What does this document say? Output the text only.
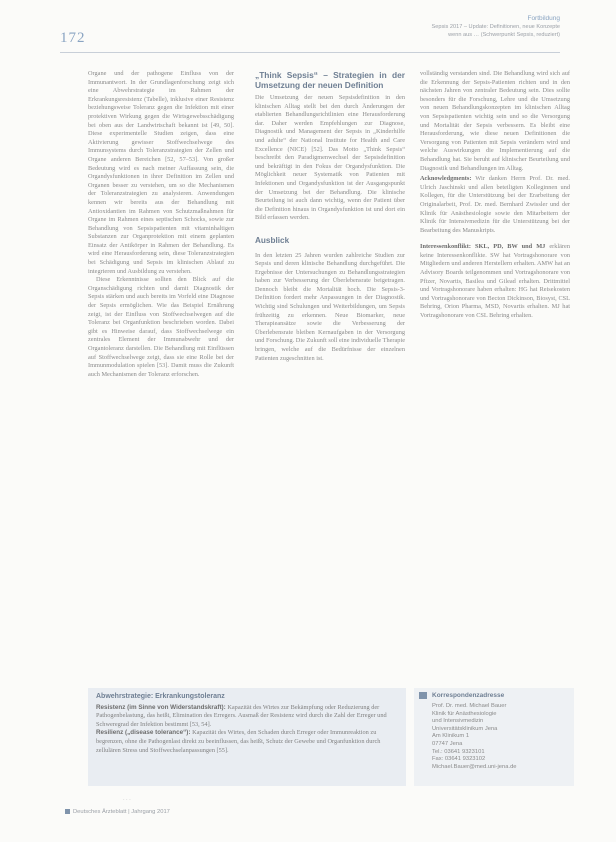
172
Fortbildung
Sepsis 2017 – Update: Definitionen, neue Konzepte
wenn aus … (Schwerpunkt Sepsis, reduziert)

Organe und der pathogene Einfluss von der Immunantwort. In der Grundlagenforschung zeigt sich eine Abwehrstrategie im Rahmen der Erkrankungsresistenz (Tabelle), inklusive einer Resistenz beziehungsweise Toleranz gegen die Infektion mit einer protektiven Wirkung gegen die Wirtsgewebsschädigung bei oben aus der Landwirtschaft bekannt ist [49, 50]. Diese experimentelle Studien zeigen, dass eine Aktivierung gewisser Stoffwechselwege des Immunsystems durch Toleranzstrategien der Zellen und Organe anderen Bereichen [52, 57–53]. Von großer Bedeutung wird es nach meiner Auffassung sein, die Organdysfunktionen in ihrer Definition im Zellen und Organen besser zu verstehen, um so die Mechanismen der Toleranzstrategien zu analysieren. Anwendungen kennen wir bereits aus der Behandlung mit Antioxidantien im Rahmen von Schutzmaßnahmen für Organe im Rahmen eines septischen Schocks, sowie zur Behandlung von Sepsispatienten mit vitaminhaltigen Substanzen zur Organprotektion mit einem geplanten Einsatz der Antikörper in Rahmen der Behandlung. Es wird eine Herausforderung sein, diese Toleranzstrategien bei Schädigung und Sepsis im klinischen Ablauf zu integrieren und Ausbildung zu verstehen.

Diese Erkenntnisse sollten den Blick auf die Organschädigung richten und damit Diagnostik der Sepsis stärken und auch bereits im Vorfeld eine Diagnose der Sepsis ermöglichen. Wie das Beispiel Ernährung zeigt, ist der Einfluss von Stoffwechselwegen auf die Toleranz bei Organfunktion beschrieben worden. Dabei gibt es Hinweise darauf, dass Stoffwechselwege ein zentrales Element der Immunabwehr und der Organtoleranz darstellen. Die Behandlung mit Einflüssen auf Stoffwechselwege zeigt, dass sie eine Rolle bei der Immunmodulation spielen [53]. Damit muss die Zukunft auch Mechanismen der Toleranz erforschen.

„Think Sepsis“ – Strategien in der Umsetzung der neuen Definition

Die Umsetzung der neuen Sepsisdefinition in den klinischen Alltag stellt bei den durch Änderungen der etablierten Behandlungsrichtlinien eine Herausforderung dar. Daher werden Empfehlungen zur Diagnose, Diagnostik und Management der Sepsis in „Kinderhilfe und adulte“ der National Institute for Health and Care Excellence (NICE) [52]. Das Motto „Think Sepsis“ beschreibt den Paradigmenwechsel der Sepsisdefinition und bekräftigt in den Fokus der Organdysfunktion. Die Möglichkeit neuer Systematik von Patienten mit Infektionen und Organdysfunktion ist der Ausgangspunkt der Umsetzung bei der Behandlung. Die klinische Beurteilung ist auch dann wichtig, wenn der Patient über die Definition hinaus in Organdysfunktion ist und dort ein Bild erfassen werden.

Ausblick

In den letzten 25 Jahren wurden zahlreiche Studien zur Sepsis und deren klinische Behandlung durchgeführt. Die Ergebnisse der Untersuchungen zu Behandlungsstrategien haben zur Verbesserung der Überlebensrate beigetragen. Dennoch bleibt die Mortalität hoch. Die Sepsis-3-Definition fordert mehr Anpassungen in der Diagnostik. Wichtig sind Schulungen und Weiterbildungen, um Sepsis frühzeitig zu erkennen. Neue Biomarker, neue Therapieansätze sowie die Verbesserung der Überlebensrate bleiben Kernaufgaben in der Versorgung und Forschung. Die Zukunft soll eine individuelle Therapie bringen, welche auf die Bedürfnisse der einzelnen Patienten zugeschnitten ist.

vollständig verstanden sind. Die Behandlung wird sich auf die Erkennung der Sepsis-Patienten richten und in den nächsten Jahren von zentraler Bedeutung sein. Dies sollte besonders für die Forschung, Lehre und die Umsetzung von neuen Behandlungskonzepten im klinischen Alltag von Sepsispatienten wichtig sein und so die Versorgung und Mortalität der Sepsis verbessern. Es bleibt eine Herausforderung, wie diese neuen Definitionen die Versorgung von Patienten mit Sepsis verändern wird und welche Auswirkungen die Implementierung auf die Behandlung hat. Sie beruht auf klinischer Beurteilung und Diagnostik und Behandlungen im Alltag.

Acknowledgments: Wir danken Herrn Prof. Dr. med. Ulrich Jaschinski und allen beteiligten Kolleginnen und Kollegen, für die Unterstützung bei der Erarbeitung der Originalarbeit, Prof. Dr. med. Bernhard Zwissler und der Klinik für Anästhesiologie sowie den Mitarbeitern der Klinik für Intensivmedizin für die Unterstützung bei der Bearbeitung des Manuskripts.

Interessenkonflikt: SKL, PD, BW und MJ erklären keine Interessenkonflikte. SW hat Vortragshonorare von Mitgliedern und anderen Herstellern erhalten. AMW hat an Advisory Boards teilgenommen und Vortragshonorare von Pfizer, Novartis, Basilea und Gilead erhalten. Drittmittel und Vortragshonorare haben erhalten: HG hat Reisekosten und Vortragshonorare von Becton Dickinson, Biosyst, CSL Behring, Orion Pharma, MSD, Novartis erhalten. MJ hat Vortragshonorare von CSL Behring erhalten.

Abwehrstrategie: Erkrankungstoleranz
Resistenz (im Sinne von Widerstandskraft): Kapazität des Wirtes zur Bekämpfung oder Reduzierung der Pathogenbelastung, das heißt, Elimination des Erregers. Ausmaß der Resistenz wird durch die Zahl der Erreger und Schweregrad der Infektion bestimmt [53, 54].
Resilienz („disease tolerance“): Kapazität des Wirtes, den Schaden durch Erreger oder Immunreaktion zu begrenzen, ohne die Pathogenlast direkt zu beeinflussen, das heißt, Schutz der Gewebe und Organfunktion durch zellulären Stress und Stoffwechselanpassungen [55].
Korrespondenzadresse
Prof. Dr. med. Michael Bauer
Klinik für Anästhesiologie
und Intensivmedizin
Universitätsklinikum Jena
Am Klinikum 1
07747 Jena
Tel.: 03641 9323101
Fax: 03641 9323102
Michael.Bauer@med.uni-jena.de
· · ·
Deutsches Ärzteblatt | Jahrgang 2017
